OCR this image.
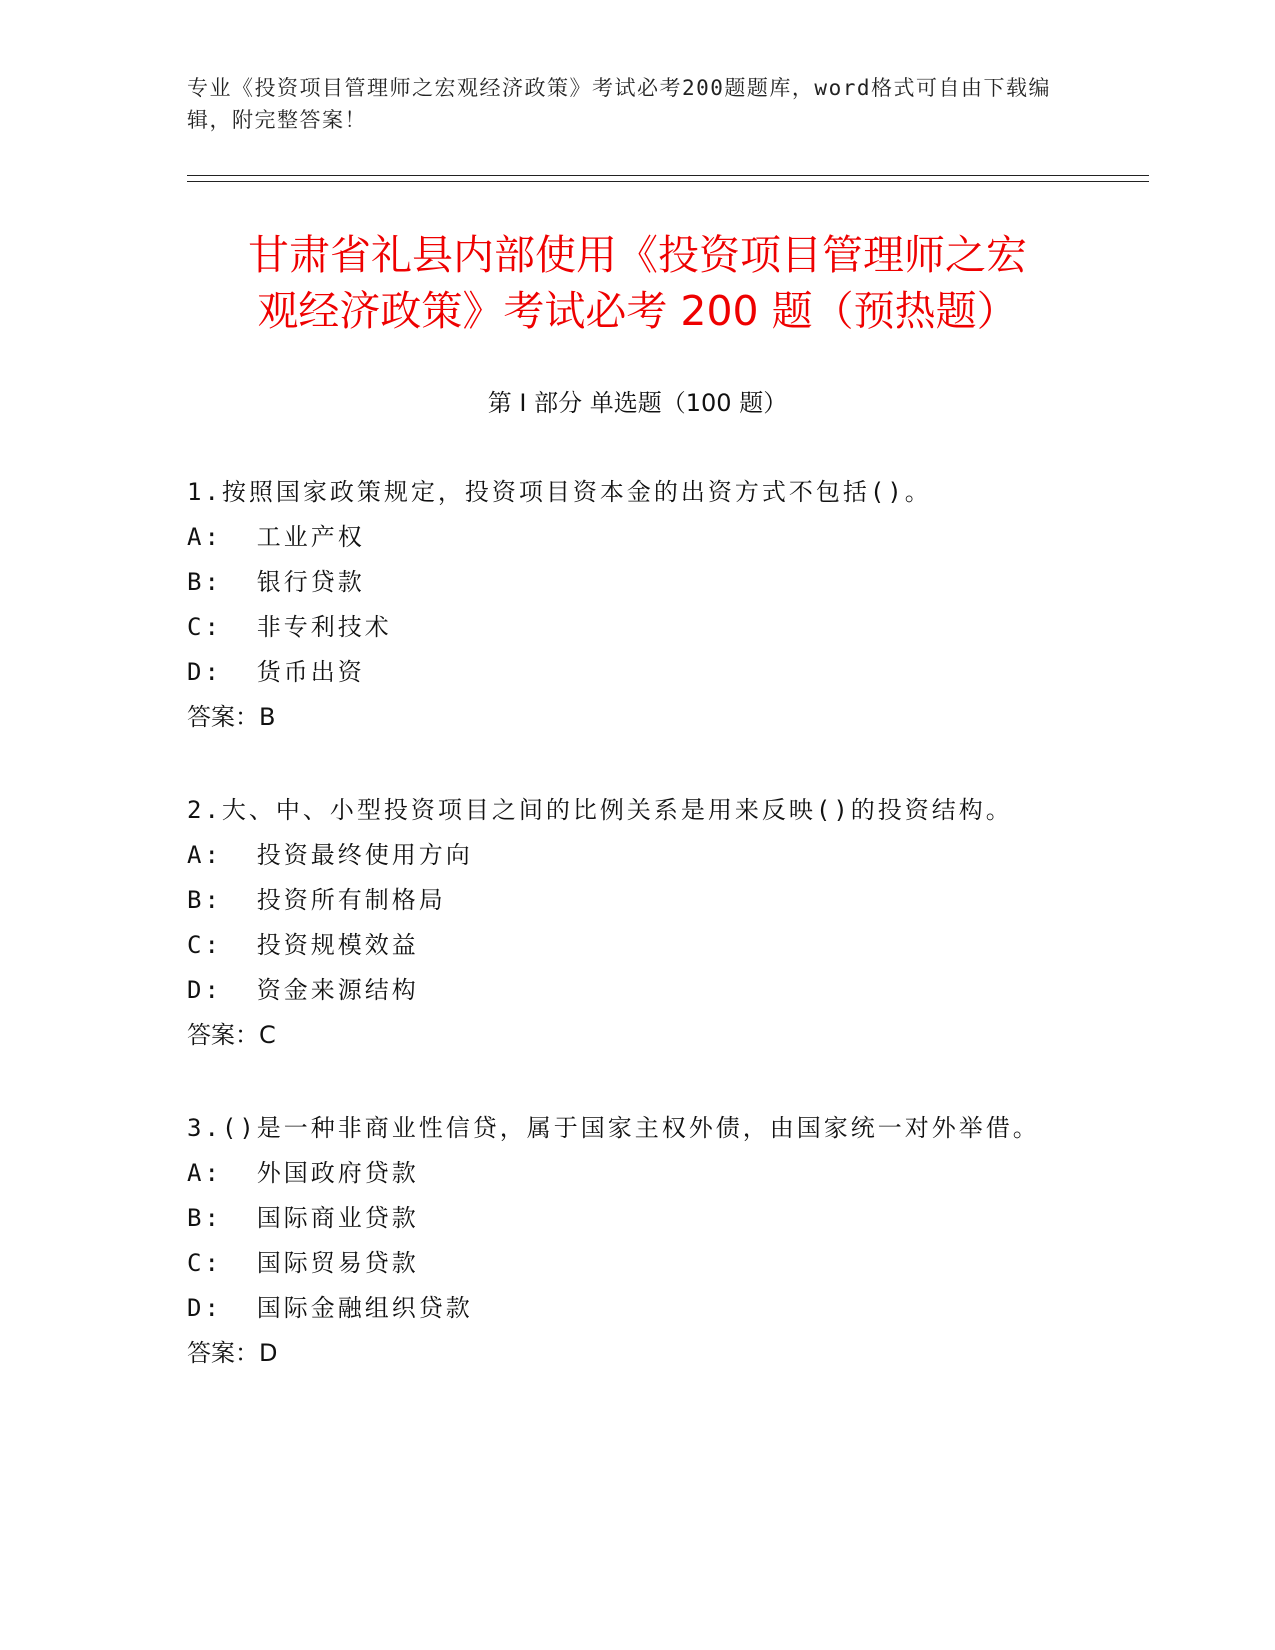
专业《投资项目管理师之宏观经济政策》考试必考200题题库，word格式可自由下载编辑，附完整答案！
甘肃省礼县内部使用《投资项目管理师之宏
观经济政策》考试必考 200 题（预热题）
第 I 部分 单选题（100 题）
1.按照国家政策规定，投资项目资本金的出资方式不包括()。
A:  工业产权
B:  银行贷款
C:  非专利技术
D:  货币出资
答案：B
2.大、中、小型投资项目之间的比例关系是用来反映()的投资结构。
A:  投资最终使用方向
B:  投资所有制格局
C:  投资规模效益
D:  资金来源结构
答案：C
3.()是一种非商业性信贷，属于国家主权外债，由国家统一对外举借。
A:  外国政府贷款
B:  国际商业贷款
C:  国际贸易贷款
D:  国际金融组织贷款
答案：D
